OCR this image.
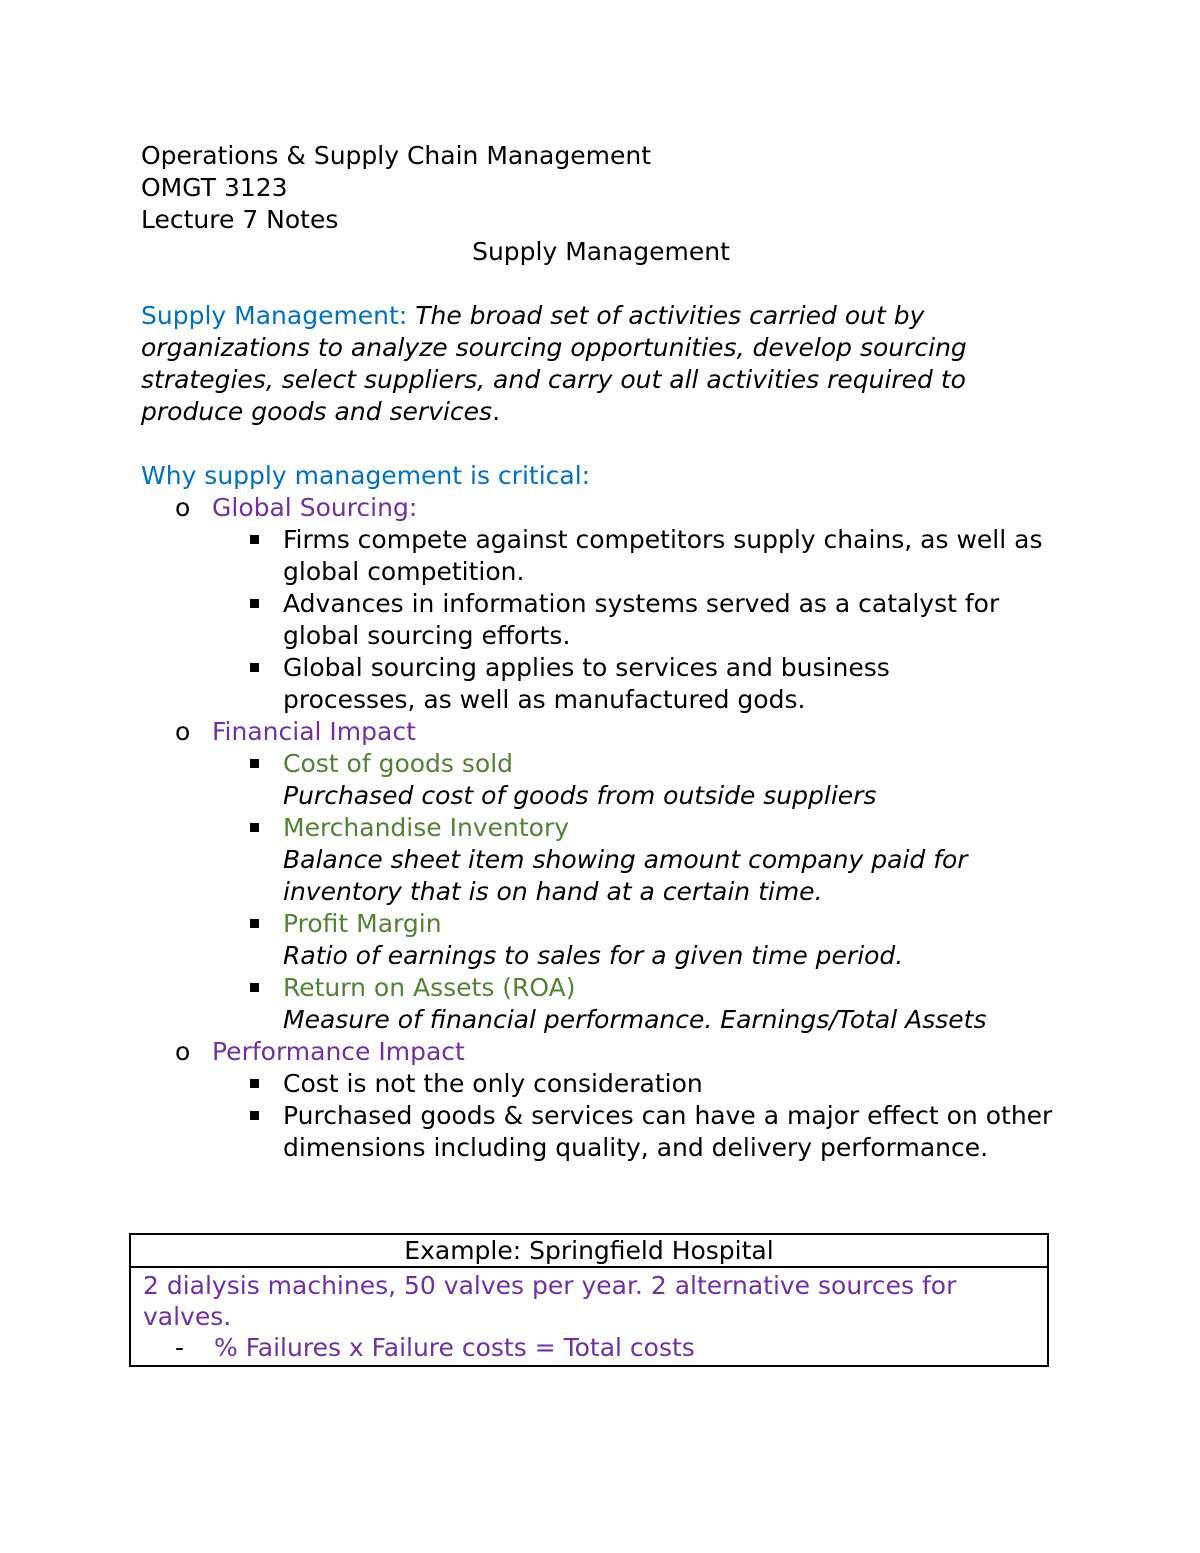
Operations & Supply Chain Management
OMGT 3123
Lecture 7 Notes
Supply Management
Supply Management: The broad set of activities carried out by organizations to analyze sourcing opportunities, develop sourcing strategies, select suppliers, and carry out all activities required to produce goods and services.
Why supply management is critical:
o Global Sourcing:
Firms compete against competitors supply chains, as well as global competition.
Advances in information systems served as a catalyst for global sourcing efforts.
Global sourcing applies to services and business processes, as well as manufactured gods.
o Financial Impact
Cost of goods sold
Purchased cost of goods from outside suppliers
Merchandise Inventory
Balance sheet item showing amount company paid for inventory that is on hand at a certain time.
Profit Margin
Ratio of earnings to sales for a given time period.
Return on Assets (ROA)
Measure of financial performance. Earnings/Total Assets
o Performance Impact
Cost is not the only consideration
Purchased goods & services can have a major effect on other dimensions including quality, and delivery performance.
Example: Springfield Hospital
2 dialysis machines, 50 valves per year. 2 alternative sources for valves.
- % Failures x Failure costs = Total costs
